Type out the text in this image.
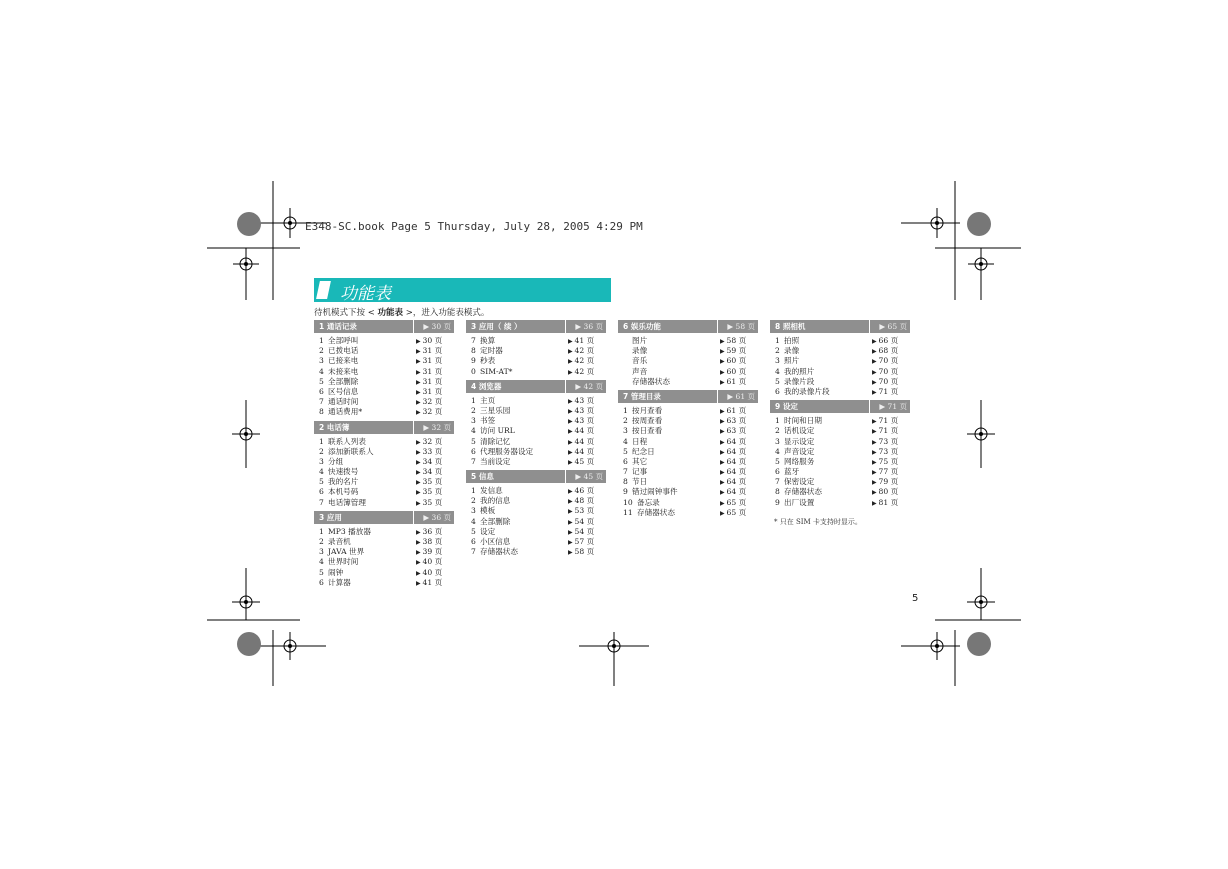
E348-SC.book Page 5 Thursday, July 28, 2005 4:29 PM
功能表
待机模式下按 < 功能表 >，进入功能表模式。
1 通话记录	▶ 30 页
1 全部呼叫	▶ 30 页
2 已拨电话	▶ 31 页
3 已接来电	▶ 31 页
4 未接来电	▶ 31 页
5 全部删除	▶ 31 页
6 区号信息	▶ 31 页
7 通话时间	▶ 32 页
8 通话费用*	▶ 32 页
2 电话簿	▶ 32 页
1 联系人列表	▶ 32 页
2 添加新联系人	▶ 33 页
3 分组	▶ 34 页
4 快速拨号	▶ 34 页
5 我的名片	▶ 35 页
6 本机号码	▶ 35 页
7 电话簿管理	▶ 35 页
3 应用	▶ 36 页
1 MP3 播放器	▶ 36 页
2 录音机	▶ 38 页
3 JAVA 世界	▶ 39 页
4 世界时间	▶ 40 页
5 闹钟	▶ 40 页
6 计算器	▶ 41 页
3 应用（ 续 ）	▶ 36 页
7 换算	▶ 41 页
8 定时器	▶ 42 页
9 秒表	▶ 42 页
0 SIM-AT*	▶ 42 页
4 浏览器	▶ 42 页
1 主页	▶ 43 页
2 三星乐园	▶ 43 页
3 书签	▶ 43 页
4 访问 URL	▶ 44 页
5 清除记忆	▶ 44 页
6 代理服务器设定	▶ 44 页
7 当前设定	▶ 45 页
5 信息	▶ 45 页
1 发信息	▶ 46 页
2 我的信息	▶ 48 页
3 模板	▶ 53 页
4 全部删除	▶ 54 页
5 设定	▶ 54 页
6 小区信息	▶ 57 页
7 存储器状态	▶ 58 页
6 娱乐功能	▶ 58 页
图片	▶ 58 页
录像	▶ 59 页
音乐	▶ 60 页
声音	▶ 60 页
存储器状态	▶ 61 页
7 管理目录	▶ 61 页
1 按月查看	▶ 61 页
2 按周查看	▶ 63 页
3 按日查看	▶ 63 页
4 日程	▶ 64 页
5 纪念日	▶ 64 页
6 其它	▶ 64 页
7 记事	▶ 64 页
8 节日	▶ 64 页
9 错过闹钟事件	▶ 64 页
10 备忘录	▶ 65 页
11 存储器状态	▶ 65 页
8 照相机	▶ 65 页
1 拍照	▶ 66 页
2 录像	▶ 68 页
3 照片	▶ 70 页
4 我的照片	▶ 70 页
5 录像片段	▶ 70 页
6 我的录像片段	▶ 71 页
9 设定	▶ 71 页
1 时间和日期	▶ 71 页
2 话机设定	▶ 71 页
3 显示设定	▶ 73 页
4 声音设定	▶ 73 页
5 网络服务	▶ 75 页
6 蓝牙	▶ 77 页
7 保密设定	▶ 79 页
8 存储器状态	▶ 80 页
9 出厂设置	▶ 81 页
* 只在 SIM 卡支持时显示。
5
